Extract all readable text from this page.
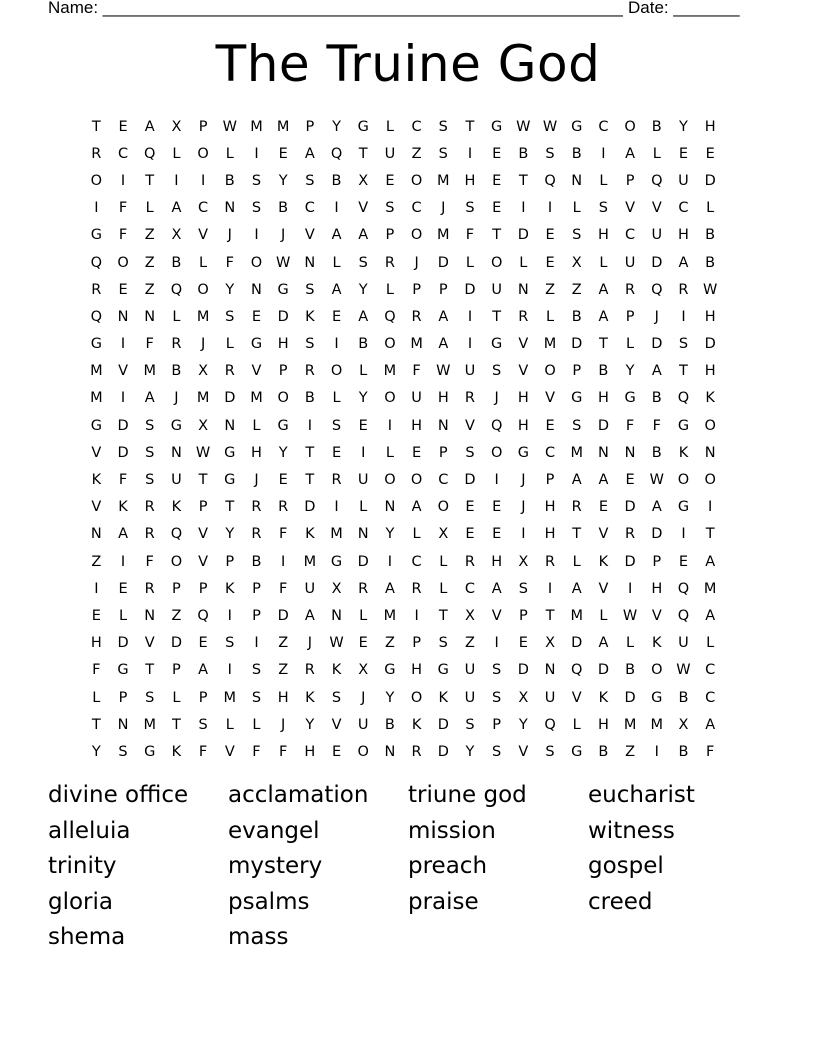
Name: _______________________________________________________ Date: _______
The Truine God
T	E	A	X	P	W M M	P	Y	G	L	C	S	T	G W W G	C	O	B	Y	H
R	C	Q	L	O	L	I	E	A	Q	T	U	Z	S	I	E	B	S	B	I	A	L	E	E
O	I	T	I	I	B	S	Y	S	B	X	E	O	M	H	E	T	Q	N	L	P	Q	U	D
I	F	L	A	C	N	S	B	C	I	V	S	C	J	S	E	I	I	L	S	V	V	C	L
G	F	Z	X	V	J	I	J	V	A	A	P	O	M	F	T	D	E	S	H	C	U	H	B
Q	O	Z	B	L	F	O W N	L	S	R	J	D	L	O	L	E	X	L	U	D	A	B
R	E	Z	Q	O	Y	N	G	S	A	Y	L	P	P	D	U	N	Z	Z	A	R	Q	R W
Q	N	N	L	M	S	E	D	K	E	A	Q	R	A	I	T	R	L	B	A	P	J	I	H
G	I	F	R	J	L	G	H	S	I	B	O	M	A	I	G	V	M	D	T	L	D	S	D
M	V	M	B	X	R	V	P	R	O	L	M	F	W U	S	V	O	P	B	Y	A	T	H
M	I	A	J	M	D	M	O	B	L	Y	O	U	H	R	J	H	V	G	H	G	B	Q	K
G	D	S	G	X	N	L	G	I	S	E	I	H	N	V	Q	H	E	S	D	F	F	G	O
V	D	S	N W G	H	Y	T	E	I	L	E	P	S	O	G	C	M	N	N	B	K	N
K	F	S	U	T	G	J	E	T	R	U	O	O	C	D	I	J	P	A	A	E	W O	O
V	K	R	K	P	T	R	R	D	I	L	N	A	O	E	E	J	H	R	E	D	A	G	I
N	A	R	Q	V	Y	R	F	K	M	N	Y	L	X	E	E	I	H	T	V	R	D	I	T
Z	I	F	O	V	P	B	I	M	G	D	I	C	L	R	H	X	R	L	K	D	P	E	A
I	E	R	P	P	K	P	F	U	X	R	A	R	L	C	A	S	I	A	V	I	H	Q	M
E	L	N	Z	Q	I	P	D	A	N	L	M	I	T	X	V	P	T	M	L	W	V	Q	A
H	D	V	D	E	S	I	Z	J	W	E	Z	P	S	Z	I	E	X	D	A	L	K	U	L
F	G	T	P	A	I	S	Z	R	K	X	G	H	G	U	S	D	N	Q	D	B	O W C
L	P	S	L	P	M	S	H	K	S	J	Y	O	K	U	S	X	U	V	K	D	G	B	C
T	N	M	T	S	L	L	J	Y	V	U	B	K	D	S	P	Y	Q	L	H	M M	X	A
Y	S	G	K	F	V	F	F	H	E	O	N	R	D	Y	S	V	S	G	B	Z	I	B	F
divine office	acclamation	triune god	eucharist
alleluia	evangel	mission	witness
trinity	mystery	preach	gospel
gloria	psalms	praise	creed
shema	mass
